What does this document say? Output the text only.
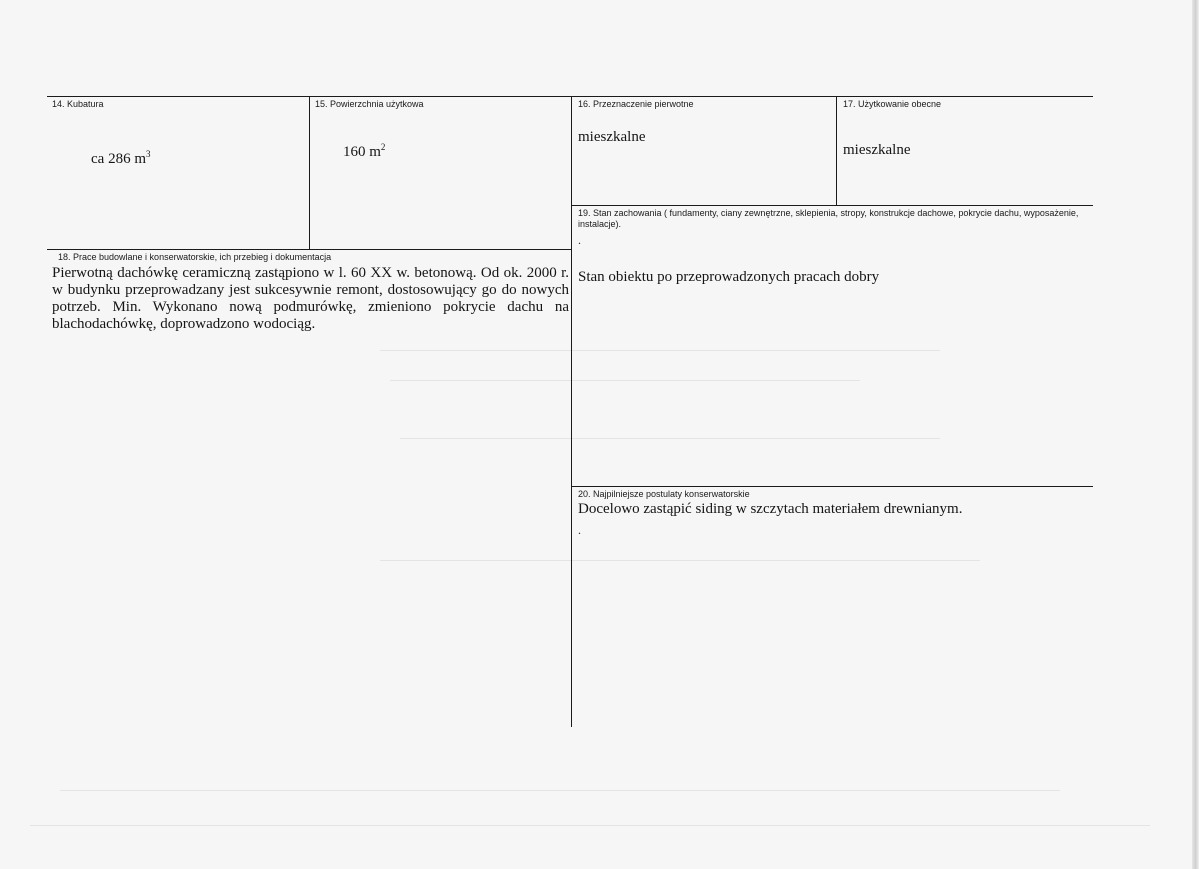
14. Kubatura
ca 286 $m^3$
15. Powierzchnia użytkowa
160 $m^2$
16. Przeznaczenie pierwotne
mieszkalne
17. Użytkowanie obecne
mieszkalne
19. Stan zachowania ( fundamenty, ciany zewnętrzne, sklepienia, stropy, konstrukcje dachowe, pokrycie dachu, wyposażenie, instalacje).
.
Stan obiektu po przeprowadzonych pracach dobry
18. Prace budowlane i konserwatorskie, ich przebieg i dokumentacja
Pierwotną dachówkę ceramiczną zastąpiono w l. 60 XX w. betonową. Od ok. 2000 r. w budynku przeprowadzany jest sukcesywnie remont, dostosowujący go do nowych potrzeb. Min. Wykonano nową podmurówkę, zmieniono pokrycie dachu na blachodachówkę, doprowadzono wodociąg.
20. Najpilniejsze postulaty konserwatorskie
Docelowo zastąpić siding w szczytach materiałem drewnianym.
.
